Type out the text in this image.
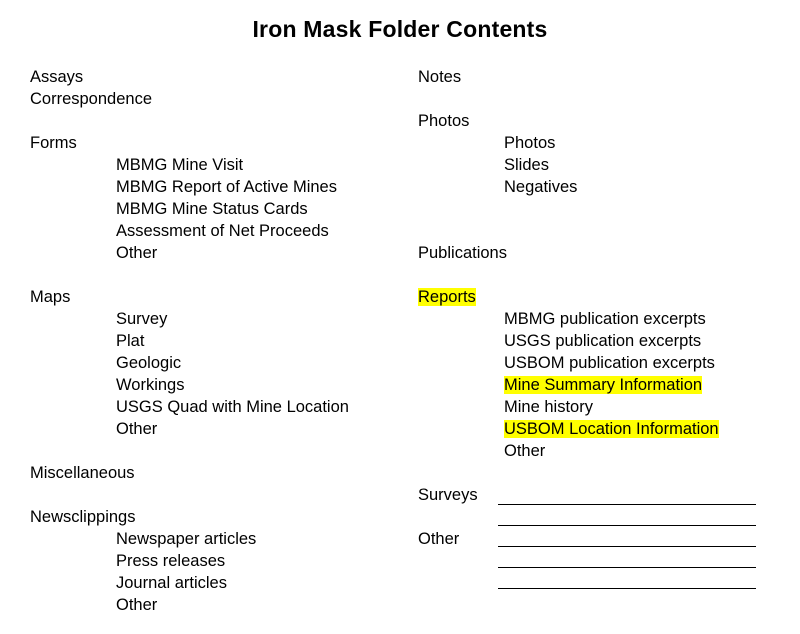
Iron Mask Folder Contents
Assays
Correspondence
Forms
MBMG Mine Visit
MBMG Report of Active Mines
MBMG Mine Status Cards
Assessment of Net Proceeds
Other
Maps
Survey
Plat
Geologic
Workings
USGS Quad with Mine Location
Other
Miscellaneous
Newsclippings
Newspaper articles
Press releases
Journal articles
Other
Notes
Photos
Photos
Slides
Negatives
Publications
Reports
MBMG publication excerpts
USGS publication excerpts
USBOM publication excerpts
Mine Summary Information
Mine history
USBOM Location Information
Other
Surveys
Other
